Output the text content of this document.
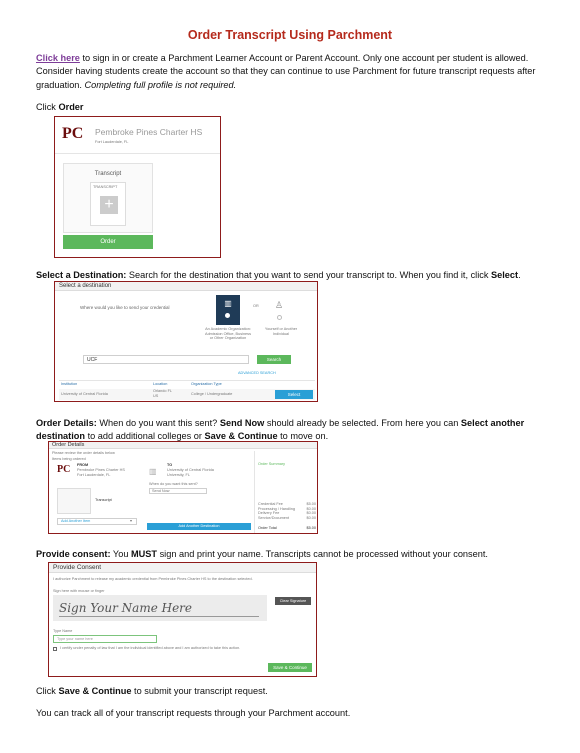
Order Transcript Using Parchment
Click here to sign in or create a Parchment Learner Account or Parent Account. Only one account per student is allowed. Consider having students create the account so that they can continue to use Parchment for future transcript requests after graduation. Completing full profile is not required.
Click Order
PC Pembroke Pines Charter HS
Fort Lauderdale, FL
Transcript
TRANSCRIPT
+
Order
Select a Destination: Search for the destination that you want to send your transcript to. When you find it, click Select.
Select a destination
Where would you like to send your credential	▥
An Academic Organization: Admission Office, Business or Other Organization
OR ♙
Yourself or Another Individual
UCF	Search
ADVANCED SEARCH
Institution	Location	Organization Type
University of Central Florida
Orlando FL US	College / Undergraduate	Select
Order Details: When do you want this sent? Send Now should already be selected. From here you can Select another destination to add additional colleges or Save & Continue to move on.
Order Details
Please review the order details below
Items being ordered
PC FROM
Pembroke Pines Charter HS
Fort Lauderdale, FL	▥
TO
University of Central Florida
University, FL
When do you want this sent?
Send Now
Transcript
Add Another Item	▾
Add Another Destination
Order Summary
Credential Fee	$5.00
Processing / Handling	$0.00
Delivery Fee	$0.00
Service/Document	$0.00
Order Total	$5.00
Provide consent: You MUST sign and print your name. Transcripts cannot be processed without your consent.
Provide Consent
I authorize Parchment to release my academic credential from Pembroke Pines Charter HS to the destination selected.
Sign here with mouse or finger
Sign Your Name Here	Clear Signature
Type Name
Type your name here
I certify under penalty of law that I am the individual identified above and I am authorized to take this action.
Save & Continue
Click Save & Continue to submit your transcript request.
You can track all of your transcript requests through your Parchment account.
